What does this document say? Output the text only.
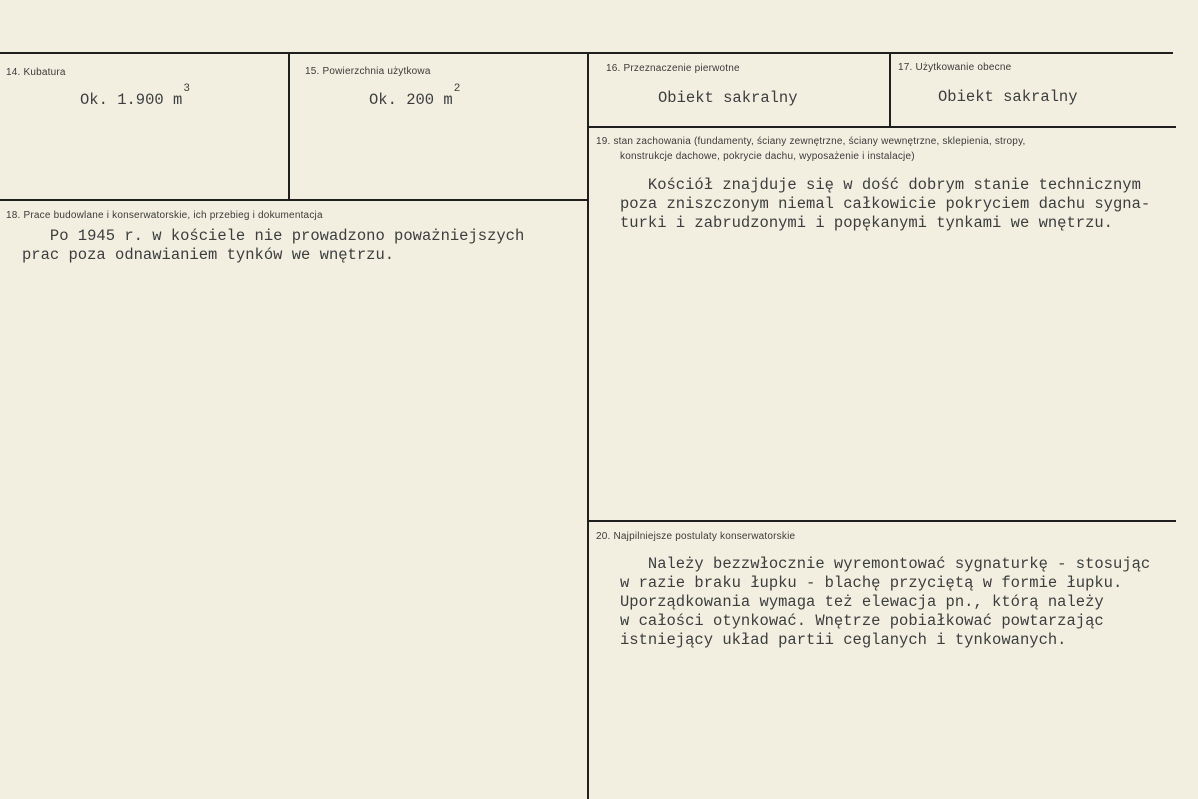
14. Kubatura
Ok. 1.900 $m^3$
15. Powierzchnia użytkowa
Ok. 200 $m^2$
16. Przeznaczenie pierwotne
Obiekt sakralny
17. Użytkowanie obecne
Obiekt sakralny
18. Prace budowlane i konserwatorskie, ich przebieg i dokumentacja
Po 1945 r. w kościele nie prowadzono poważniejszych
prac poza odnawianiem tynków we wnętrzu.
19. stan zachowania (fundamenty, ściany zewnętrzne, ściany wewnętrzne, sklepienia, stropy,
konstrukcje dachowe, pokrycie dachu, wyposażenie i instalacje)
Kościół znajduje się w dość dobrym stanie technicznym
poza zniszczonym niemal całkowicie pokryciem dachu sygna-
turki i zabrudzonymi i popękanymi tynkami we wnętrzu.
20. Najpilniejsze postulaty konserwatorskie
Należy bezzwłocznie wyremontować sygnaturkę - stosując
w razie braku łupku - blachę przyciętą w formie łupku.
Uporządkowania wymaga też elewacja pn., którą należy
w całości otynkować. Wnętrze pobiałkować powtarzając
istniejący układ partii ceglanych i tynkowanych.
